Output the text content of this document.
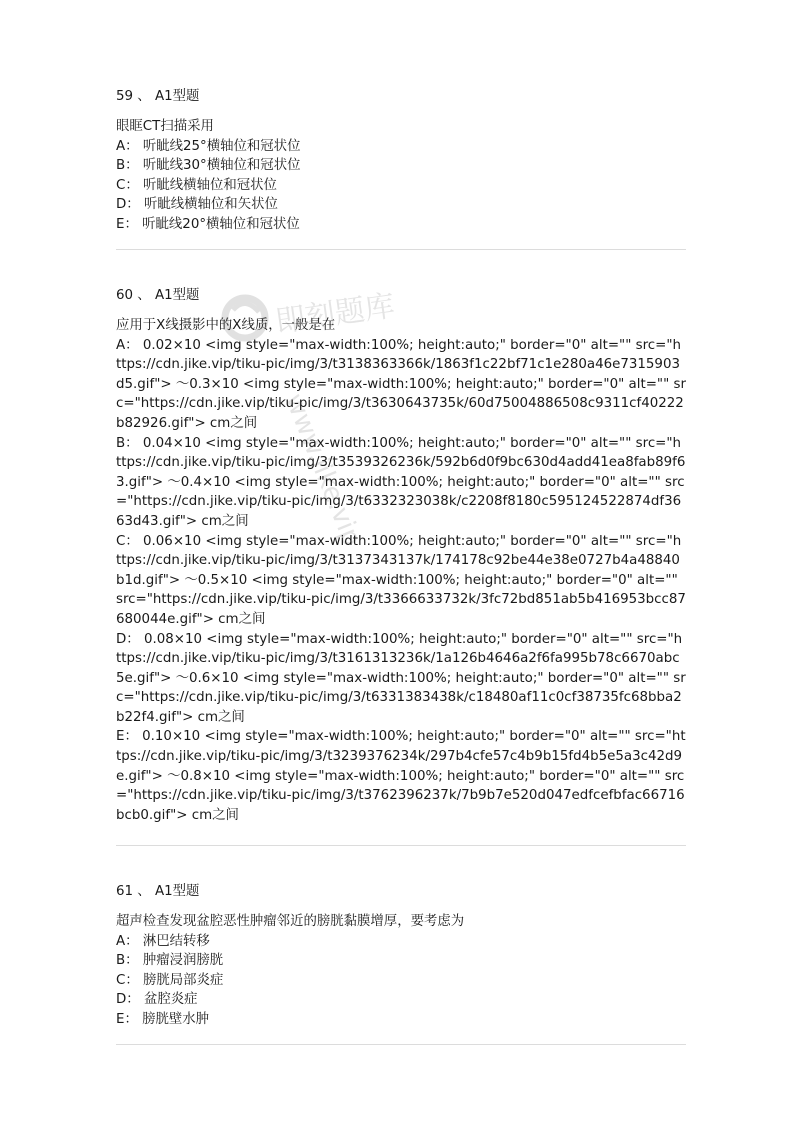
即刻题库
www.jike.vip
59 、 A1型题
眼眶CT扫描采用
A： 听眦线25°横轴位和冠状位
B： 听眦线30°横轴位和冠状位
C： 听眦线横轴位和冠状位
D： 听眦线横轴位和矢状位
E： 听眦线20°横轴位和冠状位
60 、 A1型题
应用于X线摄影中的X线质，一般是在
A： 0.02×10 <img style="max-width:100%; height:auto;" border="0" alt="" src="https://cdn.jike.vip/tiku-pic/img/3/t3138363366k/1863f1c22bf71c1e280a46e7315903d5.gif"> ～0.3×10 <img style="max-width:100%; height:auto;" border="0" alt="" src="https://cdn.jike.vip/tiku-pic/img/3/t3630643735k/60d75004886508c9311cf40222b82926.gif"> cm之间
B： 0.04×10 <img style="max-width:100%; height:auto;" border="0" alt="" src="https://cdn.jike.vip/tiku-pic/img/3/t3539326236k/592b6d0f9bc630d4add41ea8fab89f63.gif"> ～0.4×10 <img style="max-width:100%; height:auto;" border="0" alt="" src="https://cdn.jike.vip/tiku-pic/img/3/t6332323038k/c2208f8180c595124522874df3663d43.gif"> cm之间
C： 0.06×10 <img style="max-width:100%; height:auto;" border="0" alt="" src="https://cdn.jike.vip/tiku-pic/img/3/t3137343137k/174178c92be44e38e0727b4a48840b1d.gif"> ～0.5×10 <img style="max-width:100%; height:auto;" border="0" alt="" src="https://cdn.jike.vip/tiku-pic/img/3/t3366633732k/3fc72bd851ab5b416953bcc87680044e.gif"> cm之间
D： 0.08×10 <img style="max-width:100%; height:auto;" border="0" alt="" src="https://cdn.jike.vip/tiku-pic/img/3/t3161313236k/1a126b4646a2f6fa995b78c6670abc5e.gif"> ～0.6×10 <img style="max-width:100%; height:auto;" border="0" alt="" src="https://cdn.jike.vip/tiku-pic/img/3/t6331383438k/c18480af11c0cf38735fc68bba2b22f4.gif"> cm之间
E： 0.10×10 <img style="max-width:100%; height:auto;" border="0" alt="" src="https://cdn.jike.vip/tiku-pic/img/3/t3239376234k/297b4cfe57c4b9b15fd4b5e5a3c42d9e.gif"> ～0.8×10 <img style="max-width:100%; height:auto;" border="0" alt="" src="https://cdn.jike.vip/tiku-pic/img/3/t3762396237k/7b9b7e520d047edfcefbfac66716bcb0.gif"> cm之间
61 、 A1型题
超声检查发现盆腔恶性肿瘤邻近的膀胱黏膜增厚，要考虑为
A： 淋巴结转移
B： 肿瘤浸润膀胱
C： 膀胱局部炎症
D： 盆腔炎症
E： 膀胱壁水肿
